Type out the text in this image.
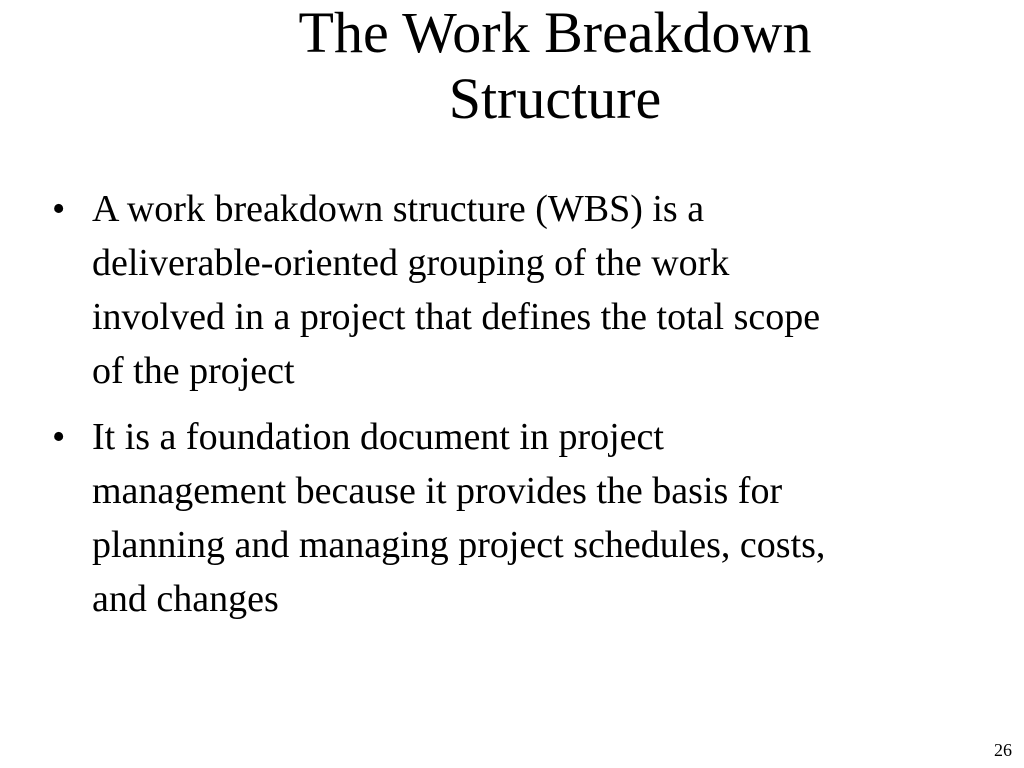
The Work Breakdown
Structure
• A work breakdown structure (WBS) is a
deliverable-oriented grouping of the work
involved in a project that defines the total scope
of the project
• It is a foundation document in project
management because it provides the basis for
planning and managing project schedules, costs,
and changes
26
